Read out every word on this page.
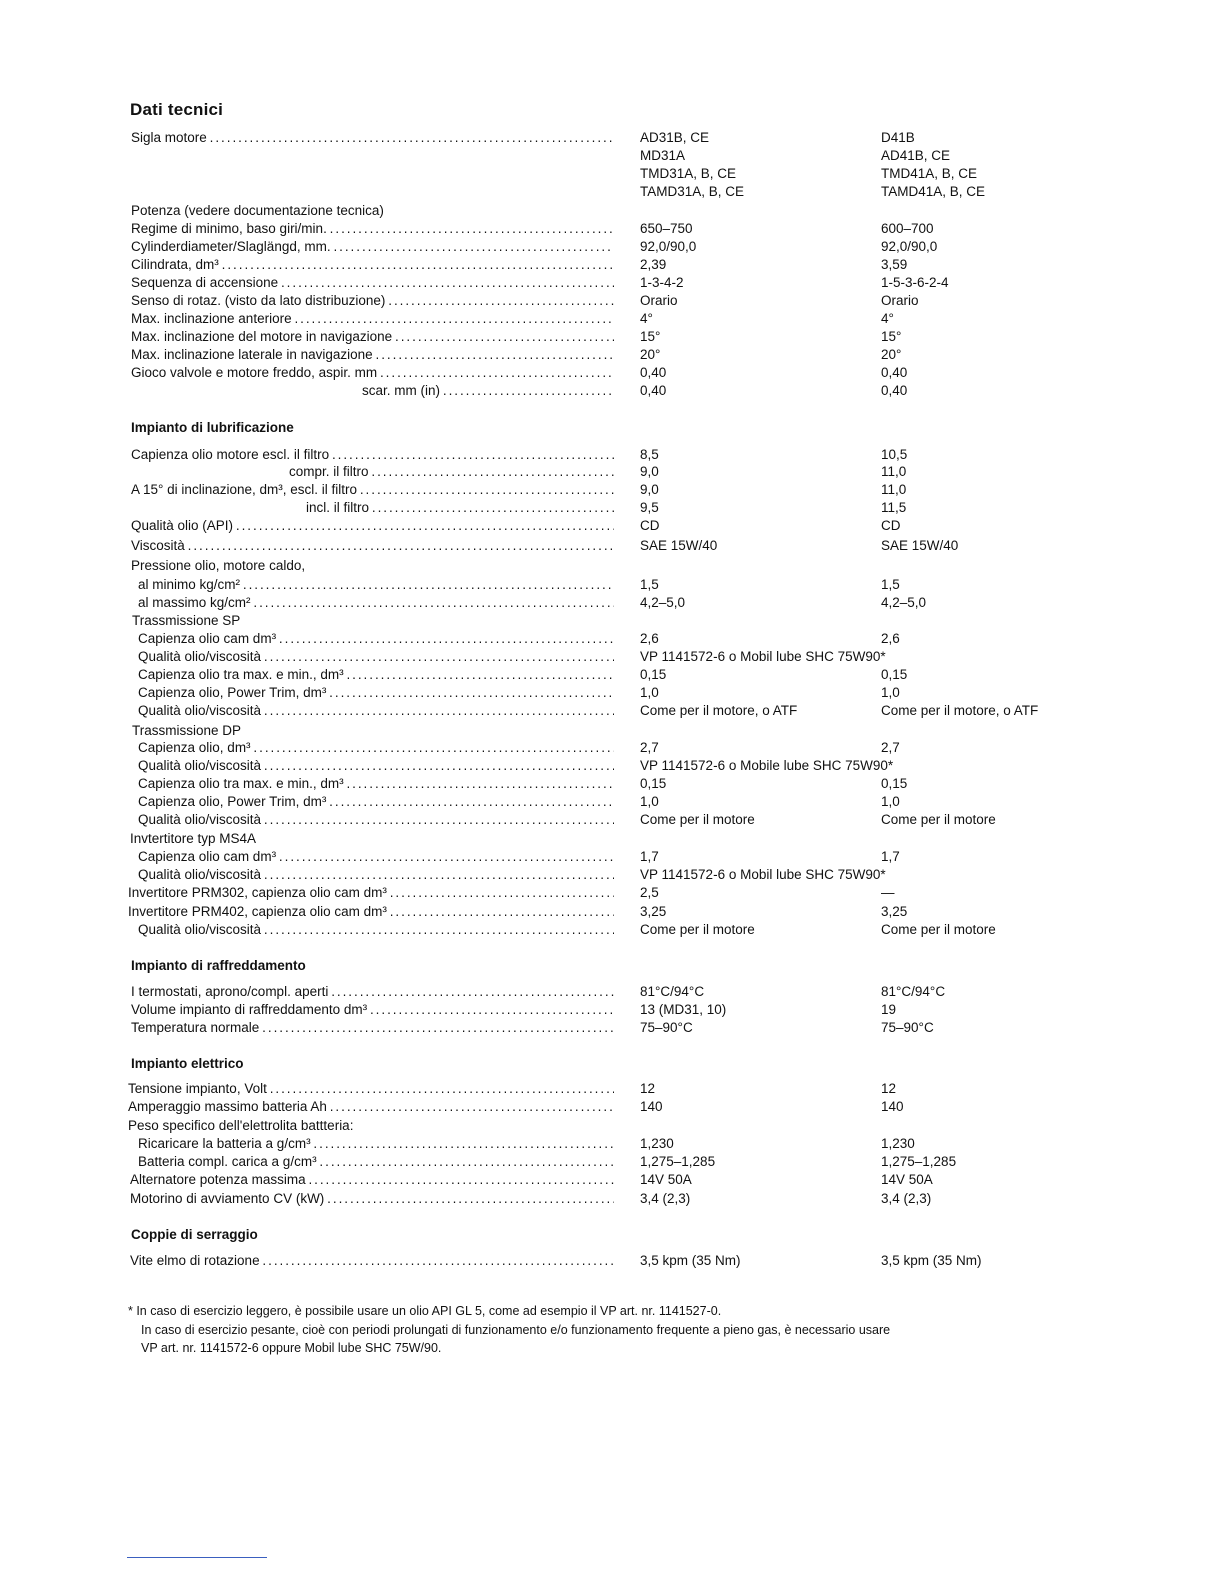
Dati tecnici
Sigla motore . . .	AD31B, CE	D41B
MD31A	AD41B, CE
TMD31A, B, CE	TMD41A, B, CE
TAMD31A, B, CE	TAMD41A, B, CE
Potenza (vedere documentazione tecnica)
Regime di minimo, baso giri/min. . . .	650–750	600–700
Cylinderdiameter/Slaglängd, mm. . . .	92,0/90,0	92,0/90,0
Cilindrata, dm³ . . .	2,39	3,59
Sequenza di accensione . . .	1-3-4-2	1-5-3-6-2-4
Senso di rotaz. (visto da lato distribuzione) . . .	Orario	Orario
Max. inclinazione anteriore . . .	4°	4°
Max. inclinazione del motore in navigazione . . .	15°	15°
Max. inclinazione laterale in navigazione . . .	20°	20°
Gioco valvole e motore freddo, aspir. mm . . .	0,40	0,40
scar. mm (in) . . .	0,40	0,40
Impianto di lubrificazione
Capienza olio motore escl. il filtro . . .	8,5	10,5
compr. il filtro . . .	9,0	11,0
A 15° di inclinazione, dm³, escl. il filtro . . .	9,0	11,0
incl. il filtro . . .	9,5	11,5
Qualità olio (API) . . .	CD	CD
Viscosità . . .	SAE 15W/40	SAE 15W/40
Pressione olio, motore caldo,
al minimo kg/cm² . . .	1,5	1,5
al massimo kg/cm² . . .	4,2–5,0	4,2–5,0
Trassmissione SP
Capienza olio cam dm³ . . .	2,6	2,6
Qualità olio/viscosità . . .	VP 1141572-6 o Mobil lube SHC 75W90*
Capienza olio tra max. e min., dm³ . . .	0,15	0,15
Capienza olio, Power Trim, dm³ . . .	1,0	1,0
Qualità olio/viscosità . . .	Come per il motore, o ATF	Come per il motore, o ATF
Trassmissione DP
Capienza olio, dm³ . . .	2,7	2,7
Qualità olio/viscosità . . .	VP 1141572-6 o Mobile lube SHC 75W90*
Capienza olio tra max. e min., dm³ . . .	0,15	0,15
Capienza olio, Power Trim, dm³ . . .	1,0	1,0
Qualità olio/viscosità . . .	Come per il motore	Come per il motore
Invtertitore typ MS4A
Capienza olio cam dm³ . . .	1,7	1,7
Qualità olio/viscosità . . .	VP 1141572-6 o Mobil lube SHC 75W90*
Invertitore PRM302, capienza olio cam dm³ . . .	2,5	—
Invertitore PRM402, capienza olio cam dm³ . . .	3,25	3,25
Qualità olio/viscosità . . .	Come per il motore	Come per il motore
Impianto di raffreddamento
I termostati, aprono/compl. aperti . . .	81°C/94°C	81°C/94°C
Volume impianto di raffreddamento dm³ . . .	13 (MD31, 10)	19
Temperatura normale . . .	75–90°C	75–90°C
Impianto elettrico
Tensione impianto, Volt . . .	12	12
Amperaggio massimo batteria Ah . . .	140	140
Peso specifico dell'elettrolita battteria:
Ricaricare la batteria a g/cm³ . . .	1,230	1,230
Batteria compl. carica a g/cm³ . . .	1,275–1,285	1,275–1,285
Alternatore potenza massima . . .	14V 50A	14V 50A
Motorino di avviamento CV (kW) . . .	3,4 (2,3)	3,4 (2,3)
Coppie di serraggio
Vite elmo di rotazione . . .	3,5 kpm (35 Nm)	3,5 kpm (35 Nm)
* In caso di esercizio leggero, è possibile usare un olio API GL 5, come ad esempio il VP art. nr. 1141527-0.
In caso di esercizio pesante, cioè con periodi prolungati di funzionamento e/o funzionamento frequente a pieno gas, è necessario usare
VP art. nr. 1141572-6 oppure Mobil lube SHC 75W/90.
